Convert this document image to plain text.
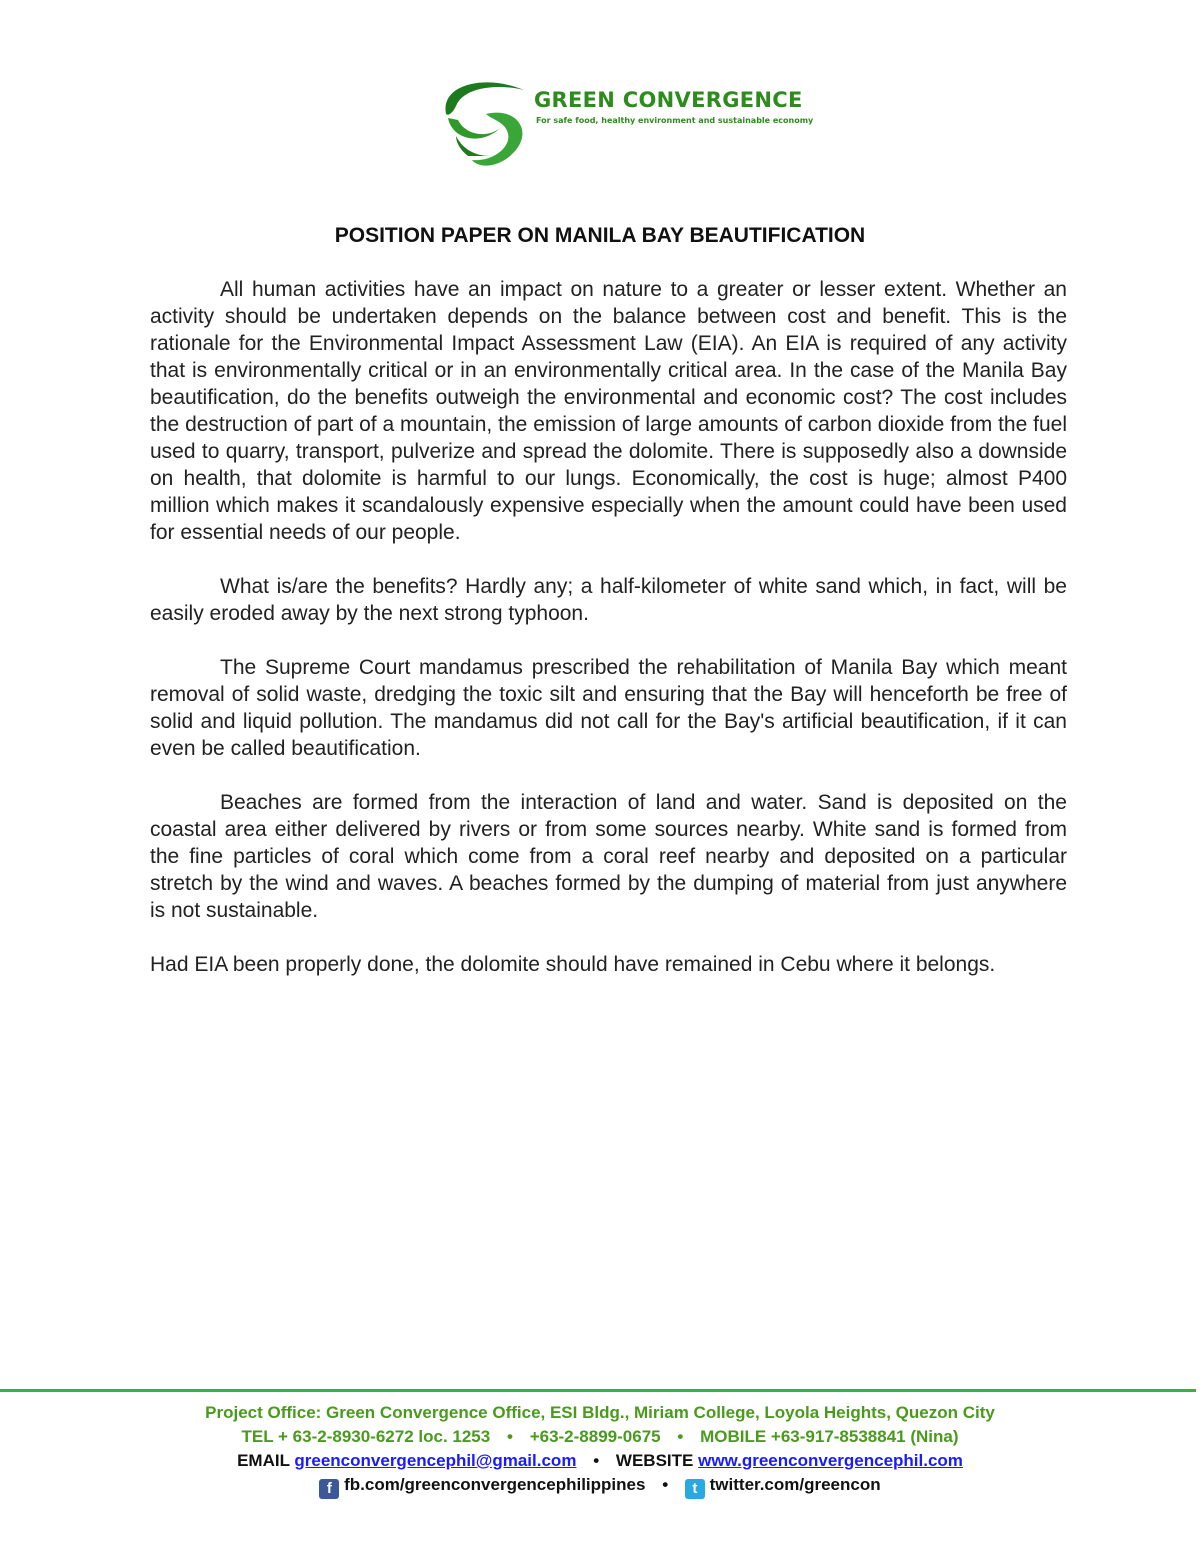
GREEN CONVERGENCE
For safe food, healthy environment and sustainable economy
POSITION PAPER ON MANILA BAY BEAUTIFICATION

All human activities have an impact on nature to a greater or lesser extent. Whether an activity should be undertaken depends on the balance between cost and benefit. This is the rationale for the Environmental Impact Assessment Law (EIA). An EIA is required of any activity that is environmentally critical or in an environmentally critical area. In the case of the Manila Bay beautification, do the benefits outweigh the environmental and economic cost? The cost includes the destruction of part of a mountain, the emission of large amounts of carbon dioxide from the fuel used to quarry, transport, pulverize and spread the dolomite. There is supposedly also a downside on health, that dolomite is harmful to our lungs. Economically, the cost is huge; almost P400 million which makes it scandalously expensive especially when the amount could have been used for essential needs of our people.

What is/are the benefits? Hardly any; a half-kilometer of white sand which, in fact, will be easily eroded away by the next strong typhoon.

The Supreme Court mandamus prescribed the rehabilitation of Manila Bay which meant removal of solid waste, dredging the toxic silt and ensuring that the Bay will henceforth be free of solid and liquid pollution. The mandamus did not call for the Bay's artificial beautification, if it can even be called beautification.

Beaches are formed from the interaction of land and water. Sand is deposited on the coastal area either delivered by rivers or from some sources nearby. White sand is formed from the fine particles of coral which come from a coral reef nearby and deposited on a particular stretch by the wind and waves. A beaches formed by the dumping of material from just anywhere is not sustainable.

Had EIA been properly done, the dolomite should have remained in Cebu where it belongs.

Project Office: Green Convergence Office, ESI Bldg., Miriam College, Loyola Heights, Quezon City
TEL + 63-2-8930-6272 loc. 1253 • +63-2-8899-0675 • MOBILE +63-917-8538841 (Nina)
EMAIL greenconvergencephil@gmail.com • WEBSITE www.greenconvergencephil.com
f fb.com/greenconvergencephilippines • t twitter.com/greencon
